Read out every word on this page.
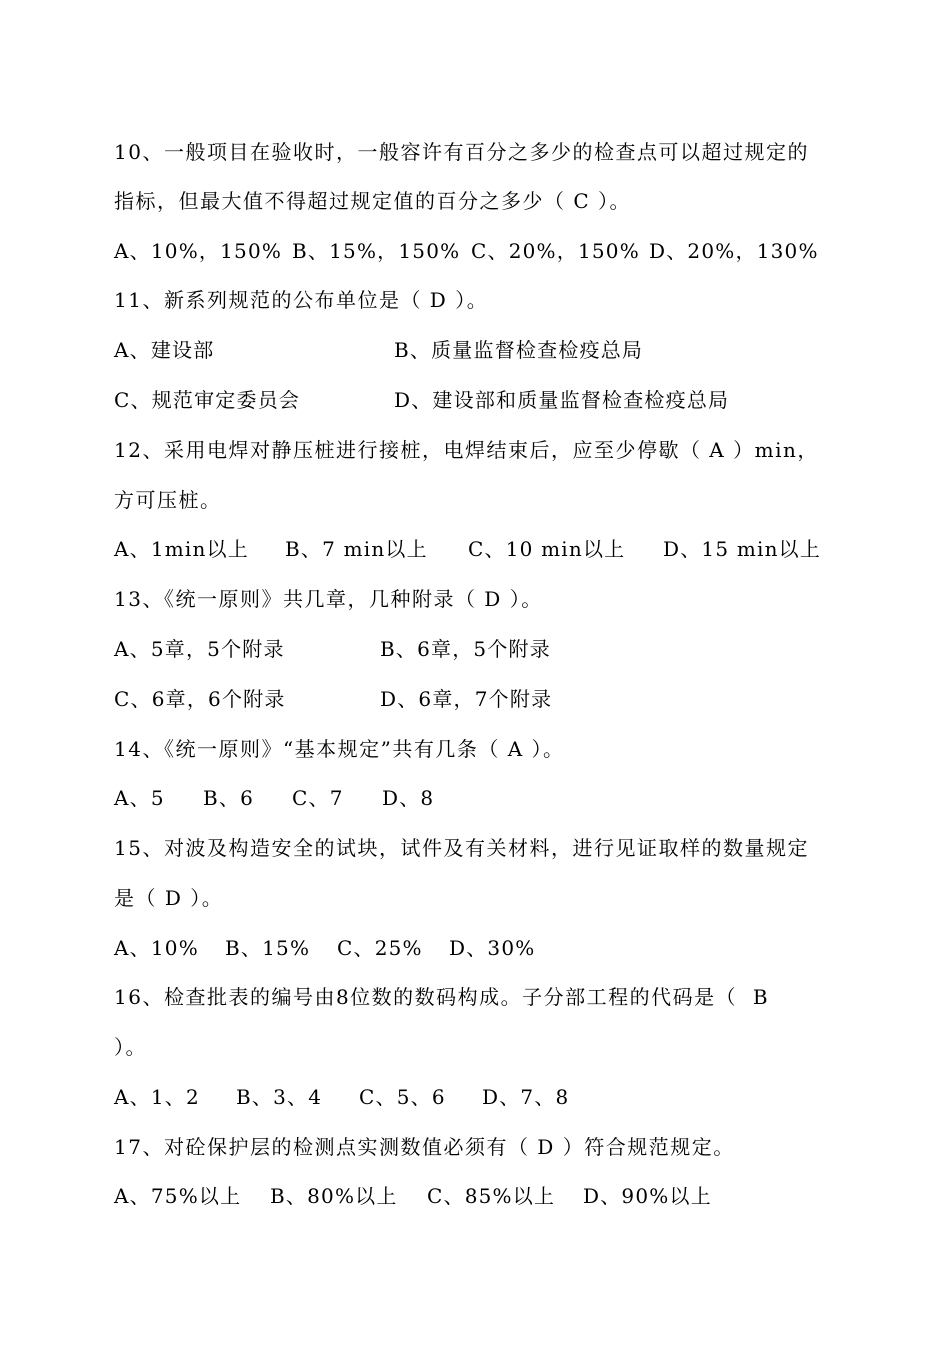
10、一般项目在验收时，一般容许有百分之多少的检查点可以超过规定的
指标，但最大值不得超过规定值的百分之多少（ C ）。

A、10%，150%

B、15%，150%

C、20%，150%

D、20%，130%

11、新系列规范的公布单位是（ D ）。

A、建设部

	B、质量监督检查检疫总局

C、规范审定委员会

	D、建设部和质量监督检查检疫总局

12、采用电焊对静压桩进行接桩，电焊结束后，应至少停歇（ A ）min，
方可压桩。

A、1min以上

B、7 min以上

C、10 min以上

D、15 min以上

13、《统一原则》共几章，几种附录（ D ）。

A、5章，5个附录

	B、6章，5个附录

C、6章，6个附录

	D、6章，7个附录

14、《统一原则》“基本规定”共有几条（ A ）。

A、5

B、6

C、7

D、8

15、对波及构造安全的试块，试件及有关材料，进行见证取样的数量规定
是（ D ）。

A、10%

B、15%

C、25%

D、30%

16、检查批表的编号由8位数的数码构成。子分部工程的代码是（  B
）。

A、1、2

B、3、4

C、5、6

D、7、8

17、对砼保护层的检测点实测数值必须有（ D ）符合规范规定。

A、75%以上

B、80%以上

C、85%以上

D、90%以上
